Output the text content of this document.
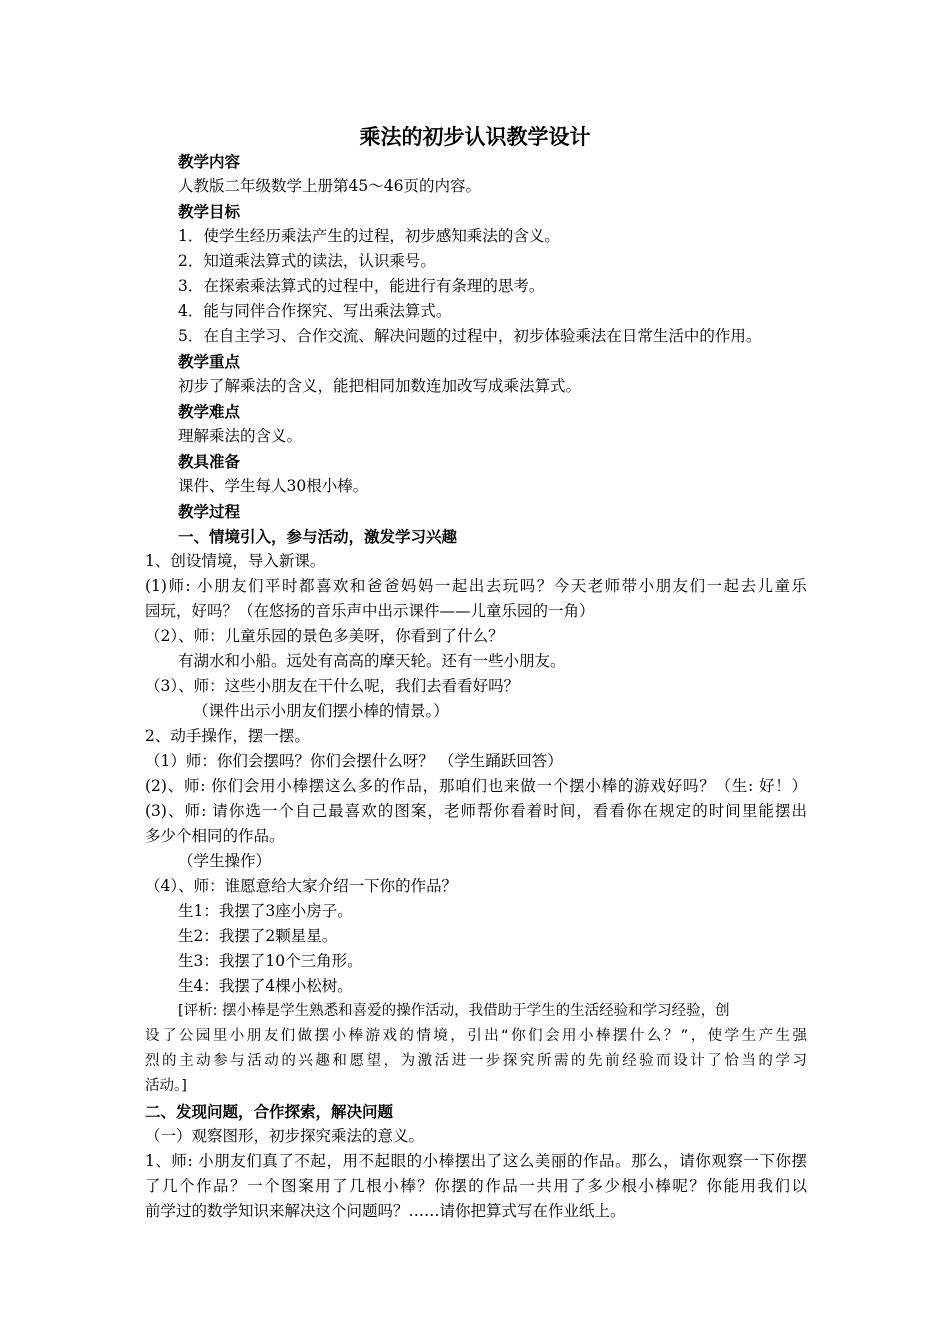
乘法的初步认识教学设计
教学内容
人教版二年级数学上册第45～46页的内容。
教学目标
1．使学生经历乘法产生的过程，初步感知乘法的含义。
2．知道乘法算式的读法，认识乘号。
3．在探索乘法算式的过程中，能进行有条理的思考。
4．能与同伴合作探究、写出乘法算式。
5．在自主学习、合作交流、解决问题的过程中，初步体验乘法在日常生活中的作用。
教学重点
初步了解乘法的含义，能把相同加数连加改写成乘法算式。
教学难点
理解乘法的含义。
教具准备
课件、学生每人30根小棒。
教学过程
一、情境引入，参与活动，激发学习兴趣
1、创设情境，导入新课。
(1)师: 小朋友们平时都喜欢和爸爸妈妈一起出去玩吗？今天老师带小朋友们一起去儿童乐
园玩，好吗？（在悠扬的音乐声中出示课件——儿童乐园的一角）
（2）、师：儿童乐园的景色多美呀，你看到了什么？
有湖水和小船。远处有高高的摩天轮。还有一些小朋友。
（3）、师：这些小朋友在干什么呢，我们去看看好吗？
（课件出示小朋友们摆小棒的情景。）
2、动手操作，摆一摆。
（1）师：你们会摆吗？你们会摆什么呀？ （学生踊跃回答）
(2)、师: 你们会用小棒摆这么多的作品，那咱们也来做一个摆小棒的游戏好吗？（生: 好！）
(3)、师: 请你选一个自己最喜欢的图案，老师帮你看着时间，看看你在规定的时间里能摆出
多少个相同的作品。
（学生操作）
（4）、师：谁愿意给大家介绍一下你的作品？
生1：我摆了3座小房子。
生2：我摆了2颗星星。
生3：我摆了10个三角形。
生4：我摆了4棵小松树。
[评析: 摆小棒是学生熟悉和喜爱的操作活动，我借助于学生的生活经验和学习经验，创
设了公园里小朋友们做摆小棒游戏的情境，引出“你们会用小棒摆什么？”，使学生产生强
烈的主动参与活动的兴趣和愿望，为激活进一步探究所需的先前经验而设计了恰当的学习
活动。]
二、发现问题，合作探索，解决问题
（一）观察图形，初步探究乘法的意义。
1、师: 小朋友们真了不起，用不起眼的小棒摆出了这么美丽的作品。那么，请你观察一下你摆
了几个作品？一个图案用了几根小棒？你摆的作品一共用了多少根小棒呢？你能用我们以
前学过的数学知识来解决这个问题吗？……请你把算式写在作业纸上。
